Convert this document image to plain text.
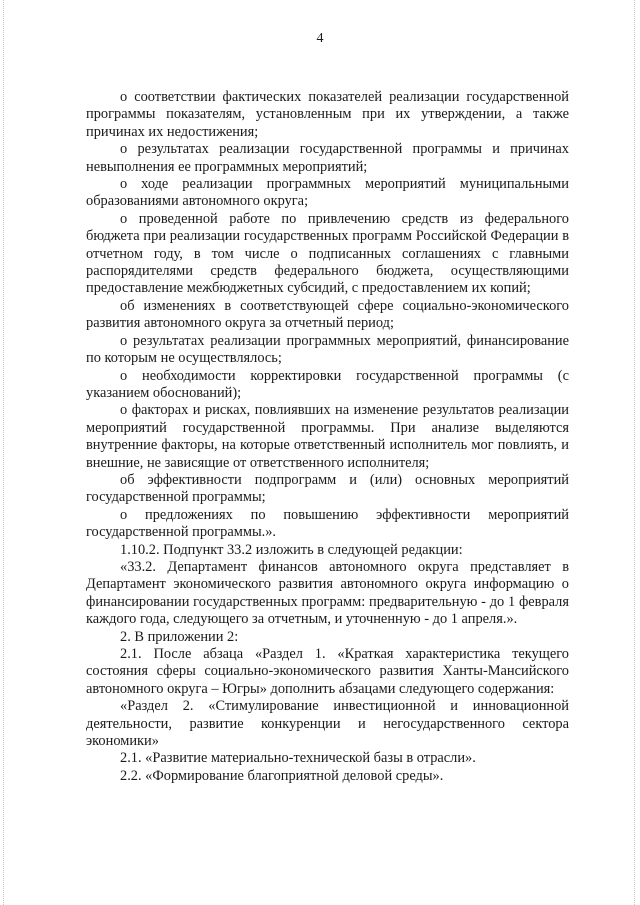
4

о соответствии фактических показателей реализации государственной программы показателям, установленным при их утверждении, а также причинах их недостижения;

о результатах реализации государственной программы и причинах невыполнения ее программных мероприятий;

о ходе реализации программных мероприятий муниципальными образованиями автономного округа;

о проведенной работе по привлечению средств из федерального бюджета при реализации государственных программ Российской Федерации в отчетном году, в том числе о подписанных соглашениях с главными распорядителями средств федерального бюджета, осуществляющими предоставление межбюджетных субсидий, с предоставлением их копий;

об изменениях в соответствующей сфере социально-экономического развития автономного округа за отчетный период;

о результатах реализации программных мероприятий, финансирование по которым не осуществлялось;

о необходимости корректировки государственной программы (с указанием обоснований);

о факторах и рисках, повлиявших на изменение результатов реализации мероприятий государственной программы. При анализе выделяются внутренние факторы, на которые ответственный исполнитель мог повлиять, и внешние, не зависящие от ответственного исполнителя;

об эффективности подпрограмм и (или) основных мероприятий государственной программы;

о предложениях по повышению эффективности мероприятий государственной программы.».

1.10.2. Подпункт 33.2 изложить в следующей редакции:

«33.2. Департамент финансов автономного округа представляет в Департамент экономического развития автономного округа информацию о финансировании государственных программ: предварительную - до 1 февраля каждого года, следующего за отчетным, и уточненную - до 1 апреля.».

2. В приложении 2:

2.1. После абзаца «Раздел 1. «Краткая характеристика текущего состояния сферы социально-экономического развития Ханты-Мансийского автономного округа – Югры» дополнить абзацами следующего содержания:

«Раздел 2. «Стимулирование инвестиционной и инновационной деятельности, развитие конкуренции и негосударственного сектора экономики»

2.1. «Развитие материально-технической базы в отрасли».

2.2. «Формирование благоприятной деловой среды».
